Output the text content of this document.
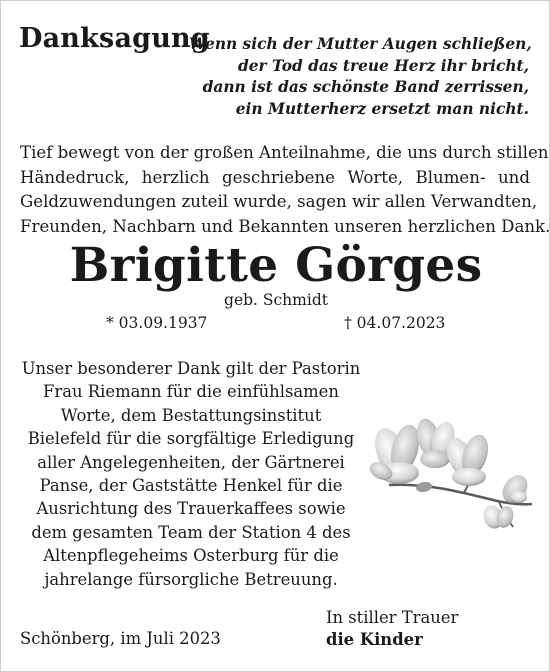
Danksagung
Wenn sich der Mutter Augen schließen,
der Tod das treue Herz ihr bricht,
dann ist das schönste Band zerrissen,
ein Mutterherz ersetzt man nicht.
Tief bewegt von der großen Anteilnahme, die uns durch stillen
Händedruck, herzlich geschriebene Worte, Blumen- und
Geldzuwendungen zuteil wurde, sagen wir allen Verwandten,
Freunden, Nachbarn und Bekannten unseren herzlichen Dank.
Brigitte Görges
geb. Schmidt
* 03.09.1937	† 04.07.2023
Unser besonderer Dank gilt der Pastorin
Frau Riemann für die einfühlsamen
Worte, dem Bestattungsinstitut
Bielefeld für die sorgfältige Erledigung
aller Angelegenheiten, der Gärtnerei
Panse, der Gaststätte Henkel für die
Ausrichtung des Trauerkaffees sowie
dem gesamten Team der Station 4 des
Altenpflegeheims Osterburg für die
jahrelange fürsorgliche Betreuung.
In stiller Trauer
die Kinder
Schönberg, im Juli 2023
